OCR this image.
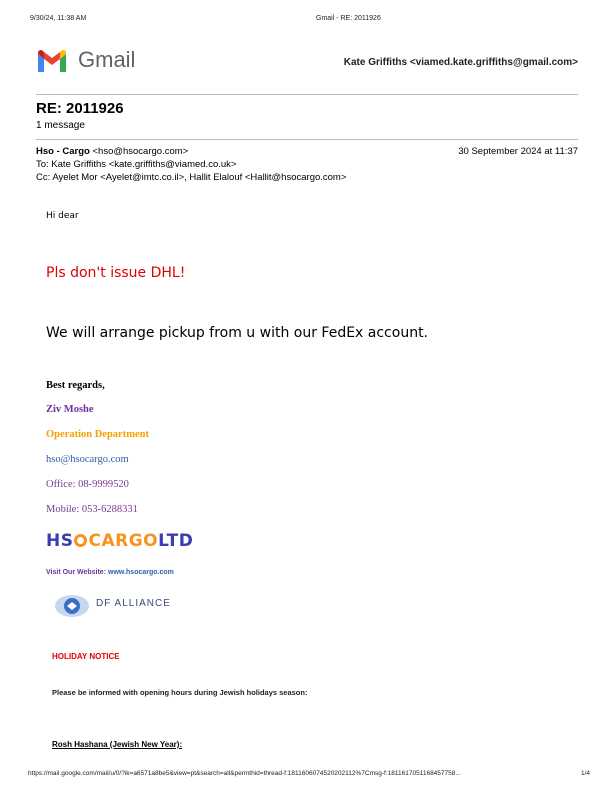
9/30/24, 11:38 AM	Gmail - RE: 2011926
Gmail	Kate Griffiths <viamed.kate.griffiths@gmail.com>
RE: 2011926
1 message
Hso - Cargo <hso@hsocargo.com>	30 September 2024 at 11:37
To: Kate Griffiths <kate.griffiths@viamed.co.uk>
Cc: Ayelet Mor <Ayelet@imtc.co.il>, Hallit Elalouf <Hallit@hsocargo.com>
Hi dear
Pls don't issue DHL!
We will arrange pickup from u with our FedEx account.
Best regards,
Ziv Moshe
Operation Department
hso@hsocargo.com
Office: 08-9999520
Mobile: 053-6288331
HS CARGOLTD
Visit Our Website: www.hsocargo.com
DF ALLIANCE
HOLIDAY NOTICE
Please be informed with opening hours during Jewish holidays season:
Rosh Hashana (Jewish New Year):
https://mail.google.com/mail/u/0/?ik=a6571a8be5&view=pt&search=all&permthid=thread-f:1811606074520202112%7Cmsg-f:1811617051168457758...	1/4
